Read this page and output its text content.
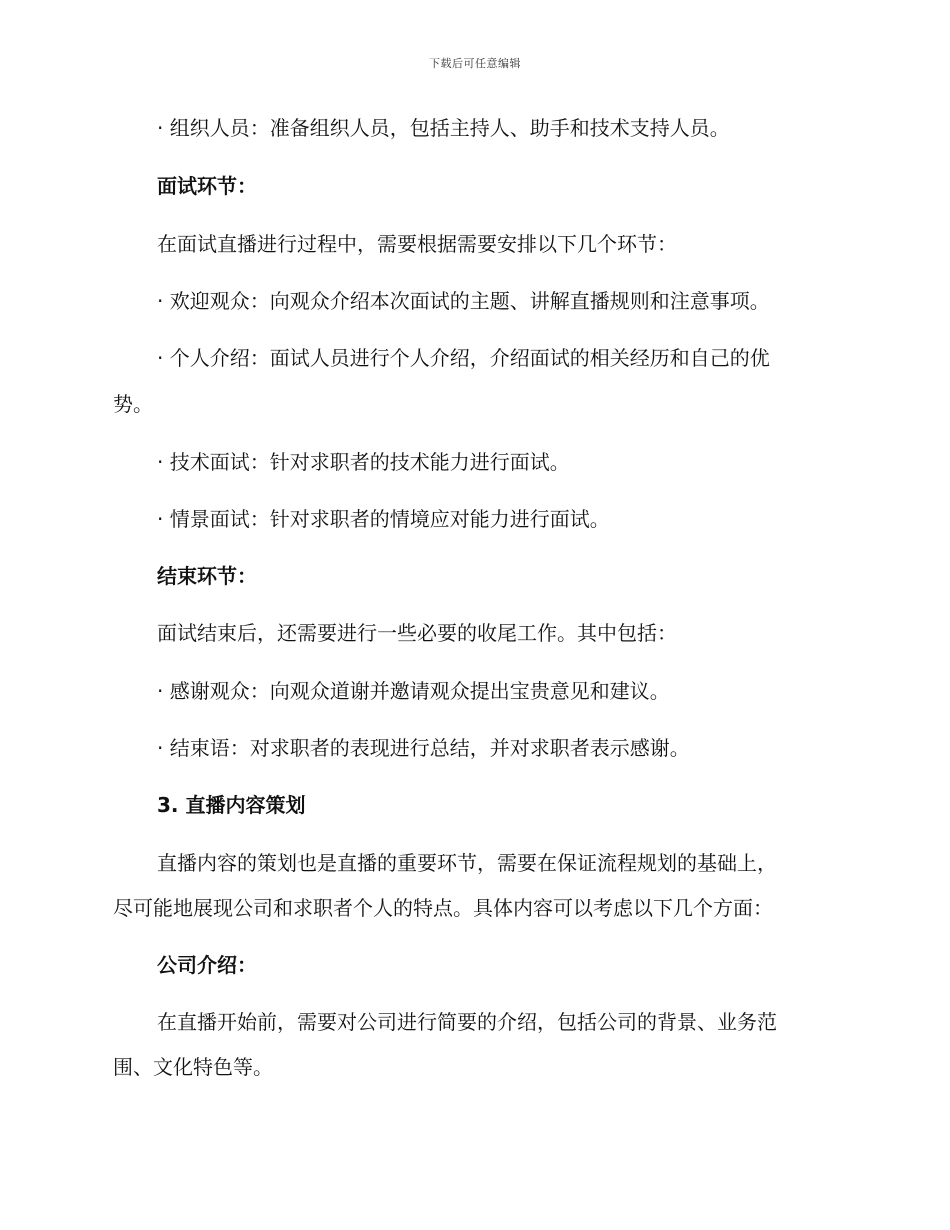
下载后可任意编辑
· 组织人员：准备组织人员，包括主持人、助手和技术支持人员。
面试环节：
在面试直播进行过程中，需要根据需要安排以下几个环节：
· 欢迎观众：向观众介绍本次面试的主题、讲解直播规则和注意事项。
· 个人介绍：面试人员进行个人介绍，介绍面试的相关经历和自己的优
势。
· 技术面试：针对求职者的技术能力进行面试。
· 情景面试：针对求职者的情境应对能力进行面试。
结束环节：
面试结束后，还需要进行一些必要的收尾工作。其中包括：
· 感谢观众：向观众道谢并邀请观众提出宝贵意见和建议。
· 结束语：对求职者的表现进行总结，并对求职者表示感谢。
3. 直播内容策划
直播内容的策划也是直播的重要环节，需要在保证流程规划的基础上，
尽可能地展现公司和求职者个人的特点。具体内容可以考虑以下几个方面：
公司介绍：
在直播开始前，需要对公司进行简要的介绍，包括公司的背景、业务范
围、文化特色等。
